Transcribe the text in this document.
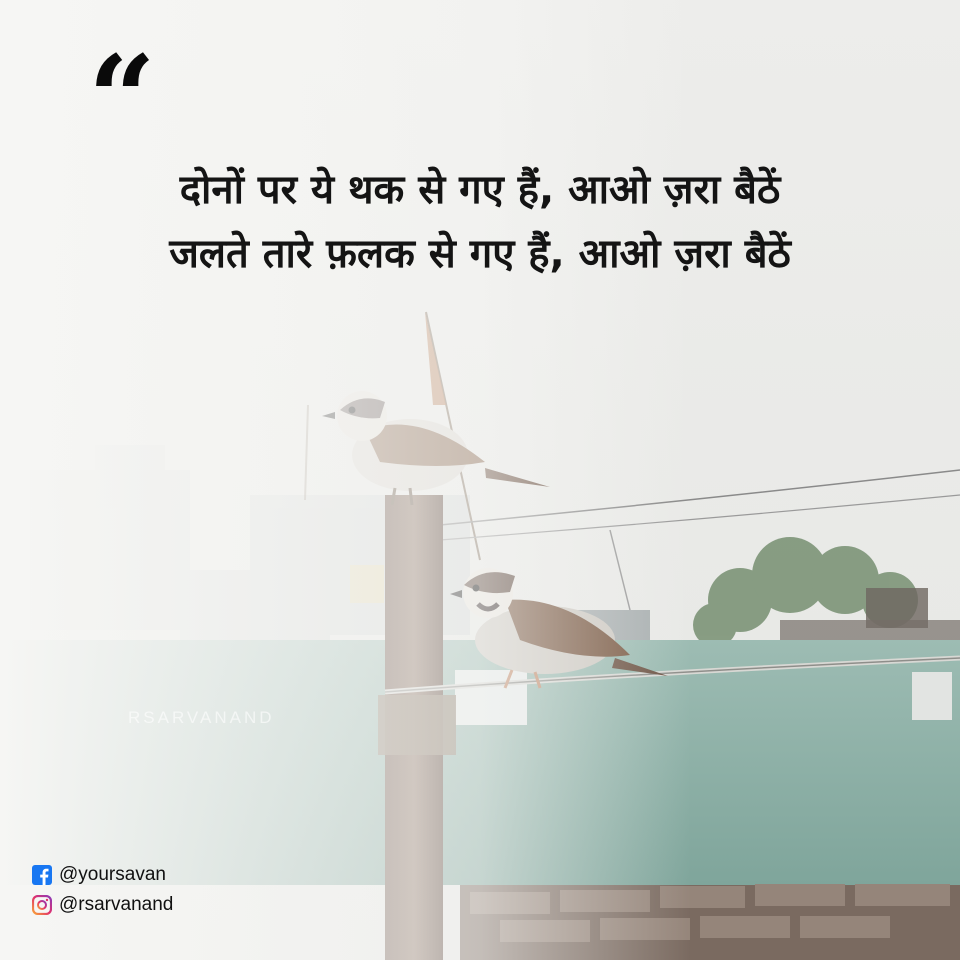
“
दोनों पर ये थक से गए हैं, आओ ज़रा बैठें
जलते तारे फ़लक से गए हैं, आओ ज़रा बैठें
RSARVANAND
@yoursavan
@rsarvanand
